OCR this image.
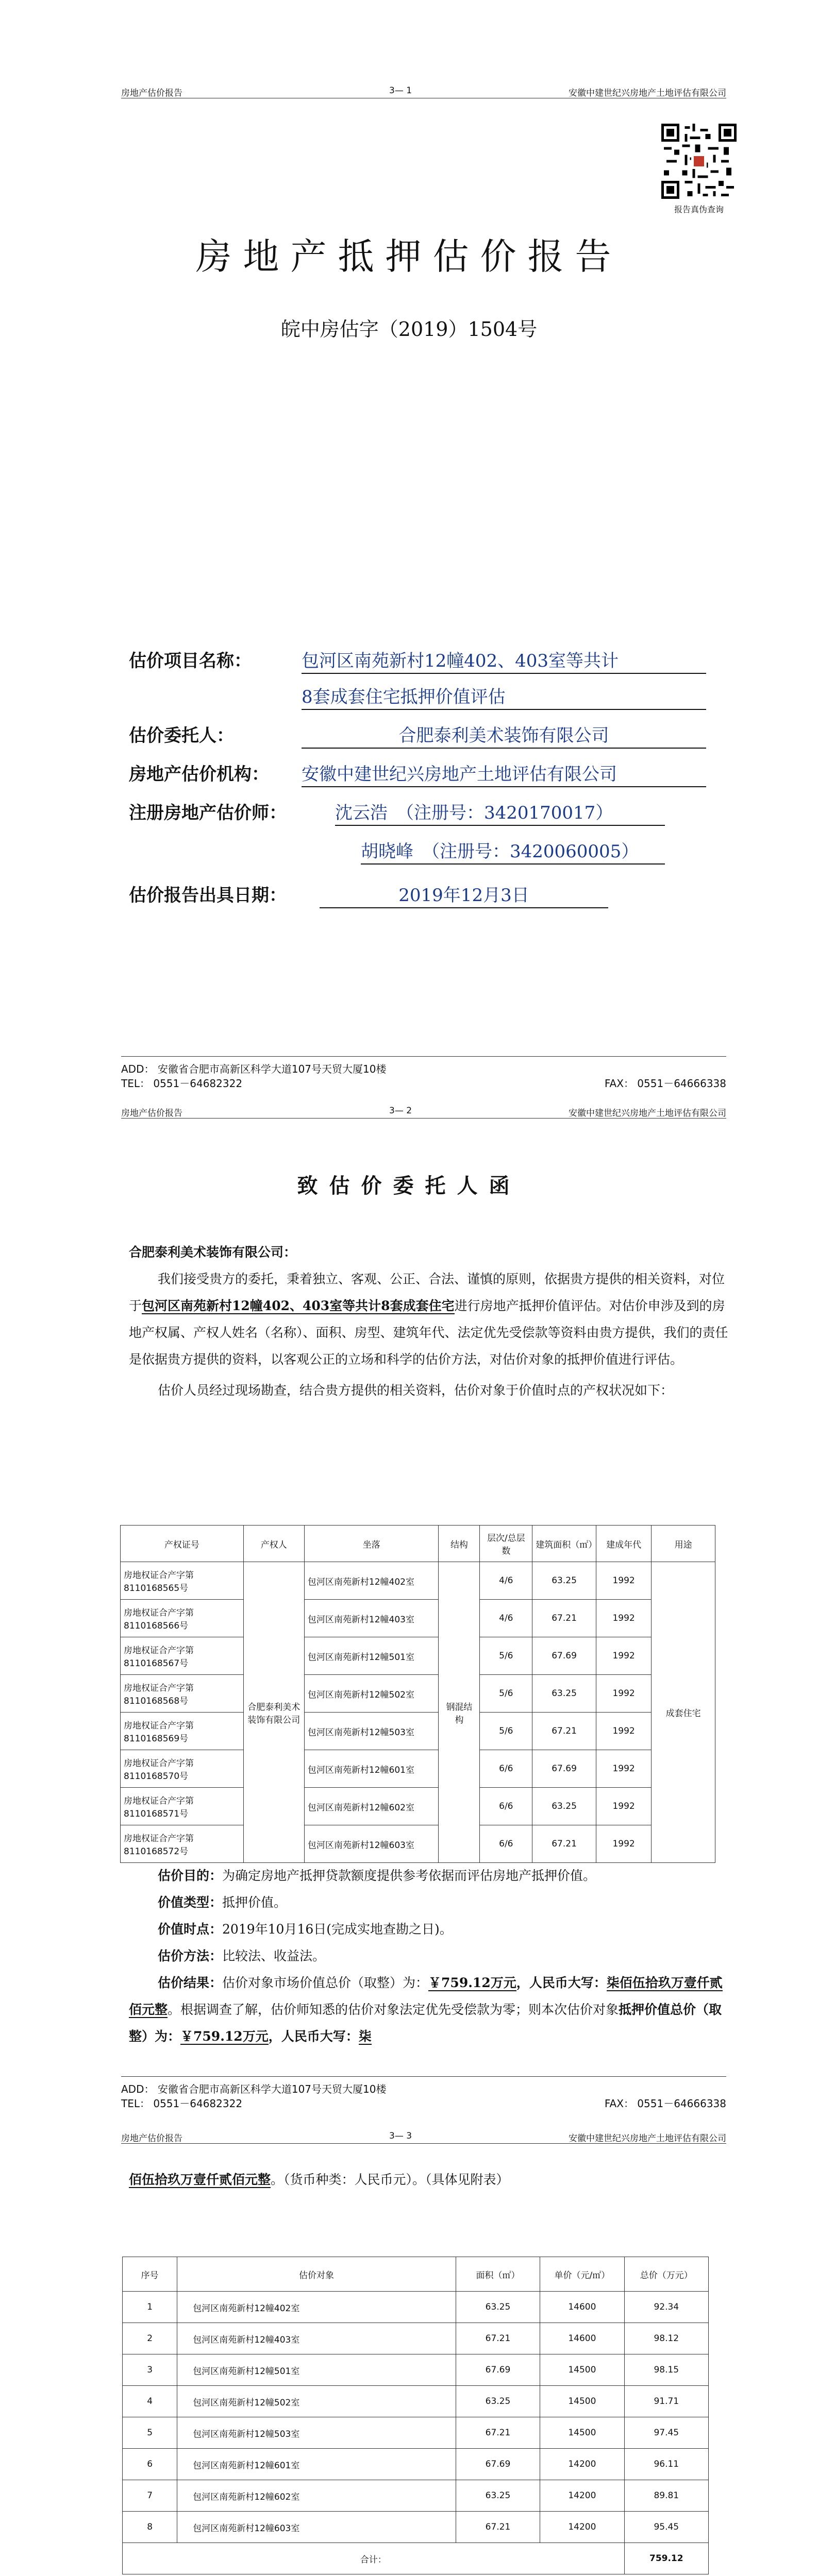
房地产估价报告	3— 1	安徽中建世纪兴房地产土地评估有限公司
报告真伪查询
房地产抵押估价报告
皖中房估字（2019）1504号
估价项目名称：	包河区南苑新村12幢402、403室等共计
8套成套住宅抵押价值评估
估价委托人：	合肥泰利美术装饰有限公司
房地产估价机构： 安徽中建世纪兴房地产土地评估有限公司
注册房地产估价师：	沈云浩　（注册号：3420170017）
胡晓峰　（注册号：3420060005）
估价报告出具日期：	2019年12月3日
ADD： 安徽省合肥市高新区科学大道107号天贸大厦10楼
TEL： 0551－64682322	FAX： 0551－64666338
房地产估价报告	3— 2	安徽中建世纪兴房地产土地评估有限公司
致估价委托人函
合肥泰利美术装饰有限公司：

我们接受贵方的委托，秉着独立、客观、公正、合法、谨慎的原则，依据贵方提供的相关资料，对位于包河区南苑新村12幢402、403室等共计8套成套住宅进行房地产抵押价值评估。对估价申涉及到的房地产权属、产权人姓名（名称）、面积、房型、建筑年代、法定优先受偿款等资料由贵方提供，我们的责任是依据贵方提供的资料，以客观公正的立场和科学的估价方法，对估价对象的抵押价值进行评估。

估价人员经过现场勘查，结合贵方提供的相关资料，估价对象于价值时点的产权状况如下：

产权证号	产权人	坐落	结构	层次/总层数	建筑面积（㎡）	建成年代	用途
房地权证合产字第8110168565号	合肥泰利美术装饰有限公司	包河区南苑新村12幢402室	钢混结构	4/6	63.25	1992	成套住宅
房地权证合产字第8110168566号		包河区南苑新村12幢403室		4/6	67.21	1992	
房地权证合产字第8110168567号		包河区南苑新村12幢501室		5/6	67.69	1992	
房地权证合产字第8110168568号		包河区南苑新村12幢502室		5/6	63.25	1992	
房地权证合产字第8110168569号		包河区南苑新村12幢503室		5/6	67.21	1992	
房地权证合产字第8110168570号		包河区南苑新村12幢601室		6/6	67.69	1992	
房地权证合产字第8110168571号		包河区南苑新村12幢602室		6/6	63.25	1992	
房地权证合产字第8110168572号		包河区南苑新村12幢603室		6/6	67.21	1992	

估价目的：为确定房地产抵押贷款额度提供参考依据而评估房地产抵押价值。

价值类型：抵押价值。

价值时点：2019年10月16日(完成实地查勘之日)。

估价方法：比较法、收益法。

估价结果：估价对象市场价值总价（取整）为：￥759.12万元，人民币大写：柒佰伍拾玖万壹仟贰佰元整。根据调查了解，估价师知悉的估价对象法定优先受偿款为零；则本次估价对象抵押价值总价（取整）为：￥759.12万元，人民币大写：柒

ADD： 安徽省合肥市高新区科学大道107号天贸大厦10楼
TEL： 0551－64682322	FAX： 0551－64666338
房地产估价报告	3— 3	安徽中建世纪兴房地产土地评估有限公司
佰伍拾玖万壹仟贰佰元整。（货币种类：人民币元）。（具体见附表）
序号	估价对象	面积（㎡）	单价（元/㎡）	总价（万元）
1	包河区南苑新村12幢402室	63.25	14600	92.34
2	包河区南苑新村12幢403室	67.21	14600	98.12
3	包河区南苑新村12幢501室	67.69	14500	98.15
4	包河区南苑新村12幢502室	63.25	14500	91.71
5	包河区南苑新村12幢503室	67.21	14500	97.45
6	包河区南苑新村12幢601室	67.69	14200	96.11
7	包河区南苑新村12幢602室	63.25	14200	89.81
8	包河区南苑新村12幢603室	67.21	14200	95.45
合计：				759.12
